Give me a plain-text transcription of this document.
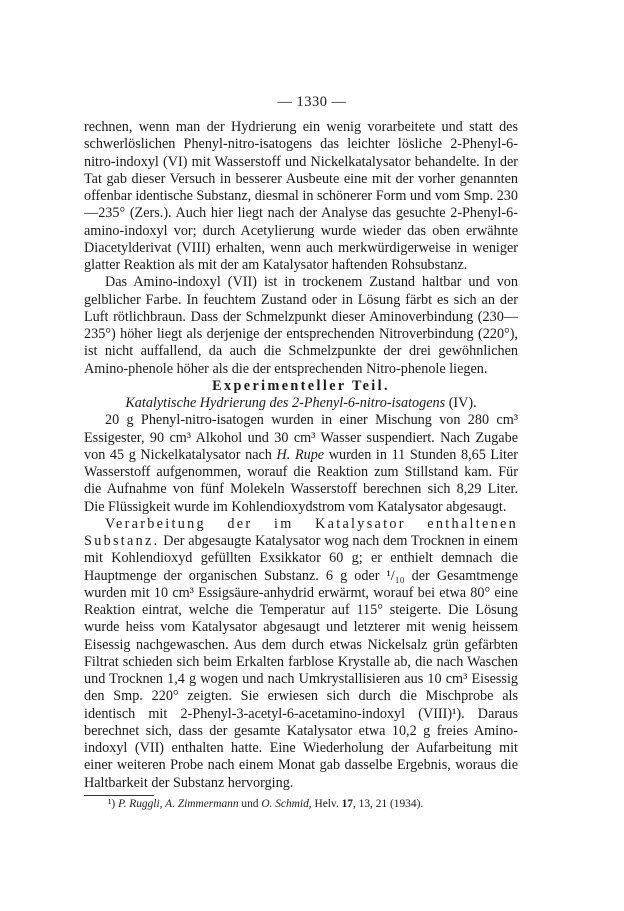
— 1330 —

rechnen, wenn man der Hydrierung ein wenig vorarbeitete und statt des schwerlöslichen Phenyl-nitro-isatogens das leichter lösliche 2-Phenyl-6-nitro-indoxyl (VI) mit Wasserstoff und Nickelkatalysator behandelte. In der Tat gab dieser Versuch in besserer Ausbeute eine mit der vorher genannten offenbar identische Substanz, diesmal in schönerer Form und vom Smp. 230—235° (Zers.). Auch hier liegt nach der Analyse das gesuchte 2-Phenyl-6-amino-indoxyl vor; durch Acetylierung wurde wieder das oben erwähnte Diacetylderivat (VIII) erhalten, wenn auch merkwürdigerweise in weniger glatter Reaktion als mit der am Katalysator haftenden Rohsubstanz.

Das Amino-indoxyl (VII) ist in trockenem Zustand haltbar und von gelblicher Farbe. In feuchtem Zustand oder in Lösung färbt es sich an der Luft rötlichbraun. Dass der Schmelzpunkt dieser Aminoverbindung (230—235°) höher liegt als derjenige der entsprechenden Nitroverbindung (220°), ist nicht auffallend, da auch die Schmelzpunkte der drei gewöhnlichen Amino-phenole höher als die der entsprechenden Nitro-phenole liegen.

Experimenteller Teil.

Katalytische Hydrierung des 2-Phenyl-6-nitro-isatogens (IV).

20 g Phenyl-nitro-isatogen wurden in einer Mischung von 280 cm³ Essigester, 90 cm³ Alkohol und 30 cm³ Wasser suspendiert. Nach Zugabe von 45 g Nickelkatalysator nach H. Rupe wurden in 11 Stunden 8,65 Liter Wasserstoff aufgenommen, worauf die Reaktion zum Stillstand kam. Für die Aufnahme von fünf Molekeln Wasserstoff berechnen sich 8,29 Liter. Die Flüssigkeit wurde im Kohlendioxydstrom vom Katalysator abgesaugt.

Verarbeitung der im Katalysator enthaltenen Substanz. Der abgesaugte Katalysator wog nach dem Trocknen in einem mit Kohlendioxyd gefüllten Exsikkator 60 g; er enthielt demnach die Hauptmenge der organischen Substanz. 6 g oder ¹/₁₀ der Gesamtmenge wurden mit 10 cm³ Essigsäure-anhydrid erwärmt, worauf bei etwa 80° eine Reaktion eintrat, welche die Temperatur auf 115° steigerte. Die Lösung wurde heiss vom Katalysator abgesaugt und letzterer mit wenig heissem Eisessig nachgewaschen. Aus dem durch etwas Nickelsalz grün gefärbten Filtrat schieden sich beim Erkalten farblose Krystalle ab, die nach Waschen und Trocknen 1,4 g wogen und nach Umkrystallisieren aus 10 cm³ Eisessig den Smp. 220° zeigten. Sie erwiesen sich durch die Mischprobe als identisch mit 2-Phenyl-3-acetyl-6-acetamino-indoxyl (VIII)¹). Daraus berechnet sich, dass der gesamte Katalysator etwa 10,2 g freies Amino-indoxyl (VII) enthalten hatte. Eine Wiederholung der Aufarbeitung mit einer weiteren Probe nach einem Monat gab dasselbe Ergebnis, woraus die Haltbarkeit der Substanz hervorging.

¹) P. Ruggli, A. Zimmermann und O. Schmid, Helv. 17, 13, 21 (1934).
